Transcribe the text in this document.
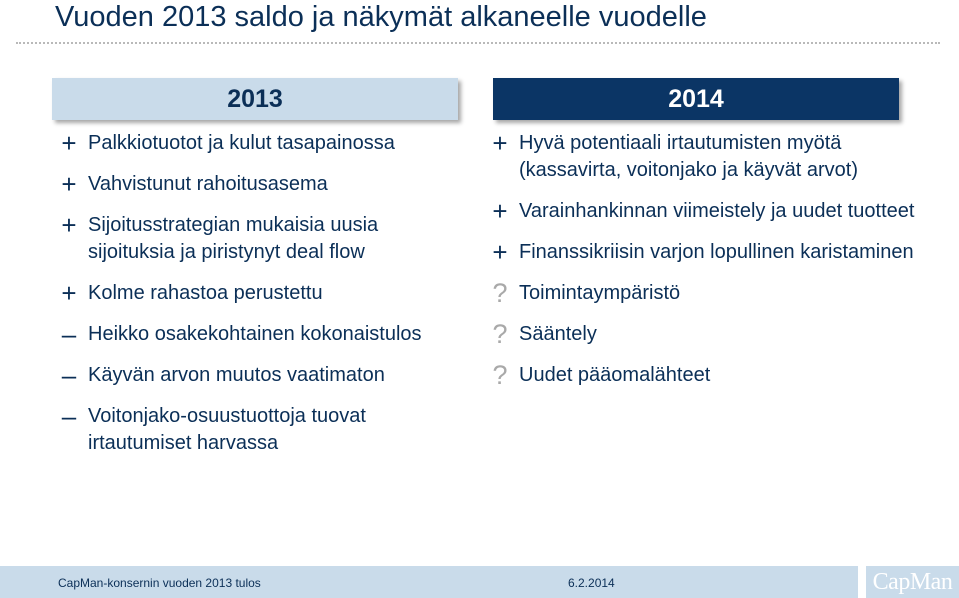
Vuoden 2013 saldo ja näkymät alkaneelle vuodelle
2013	2014
+ Palkkiotuotot ja kulut tasapainossa
+ Vahvistunut rahoitusasema
+ Sijoitusstrategian mukaisia uusia sijoituksia ja piristynyt deal flow
+ Kolme rahastoa perustettu
– Heikko osakekohtainen kokonaistulos
– Käyvän arvon muutos vaatimaton
– Voitonjako-osuustuottoja tuovat irtautumiset harvassa
+ Hyvä potentiaali irtautumisten myötä (kassavirta, voitonjako ja käyvät arvot)
+ Varainhankinnan viimeistely ja uudet tuotteet
+ Finanssikriisin varjon lopullinen karistaminen
? Toimintaympäristö
? Sääntely
? Uudet pääomalähteet
CapMan-konsernin vuoden 2013 tulos	6.2.2014	CapMan
